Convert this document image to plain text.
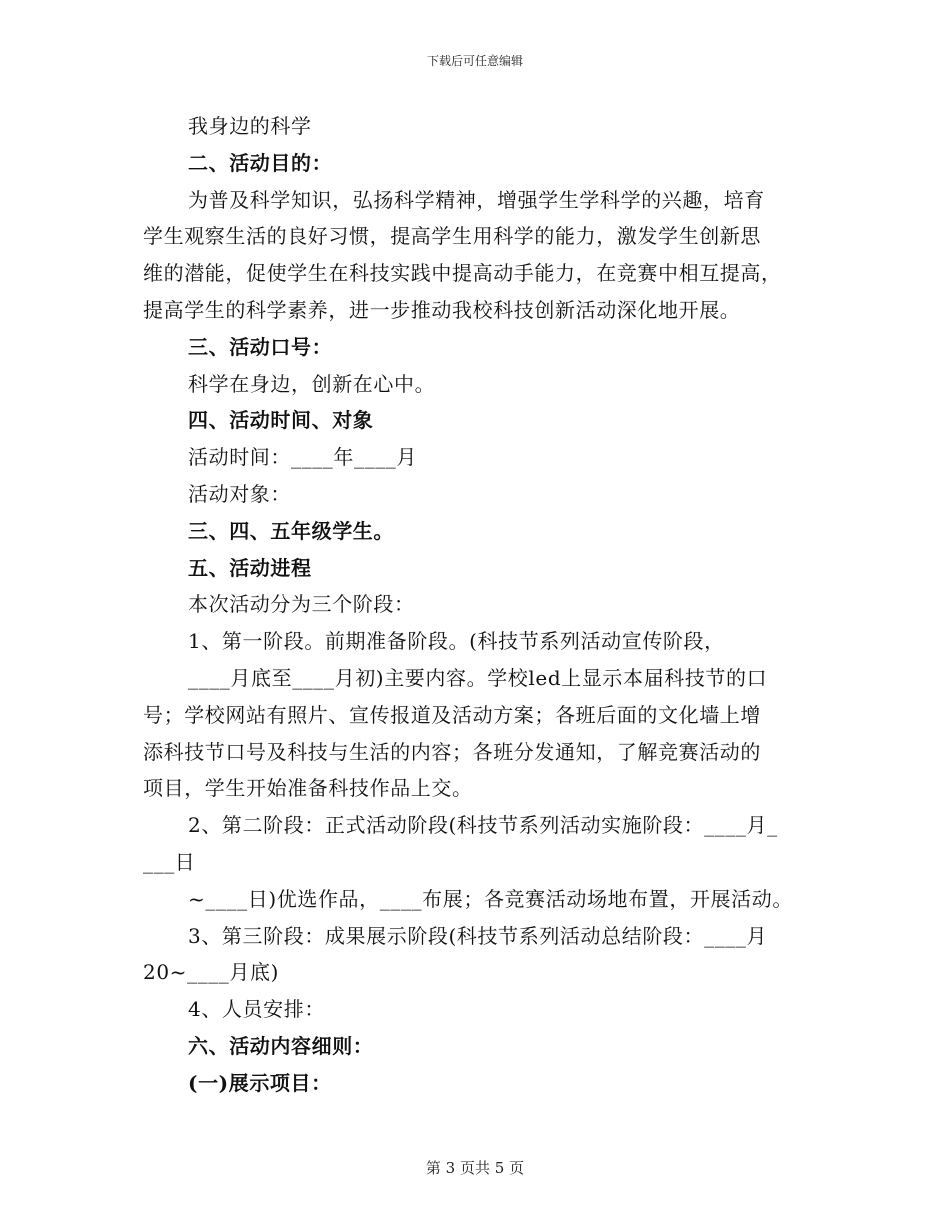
下载后可任意编辑
我身边的科学
二、活动目的：
为普及科学知识，弘扬科学精神，增强学生学科学的兴趣，培育
学生观察生活的良好习惯，提高学生用科学的能力，激发学生创新思
维的潜能，促使学生在科技实践中提高动手能力，在竞赛中相互提高，
提高学生的科学素养，进一步推动我校科技创新活动深化地开展。
三、活动口号：
科学在身边，创新在心中。
四、活动时间、对象
活动时间：____年____月
活动对象：
三、四、五年级学生。
五、活动进程
本次活动分为三个阶段：
1、第一阶段。前期准备阶段。(科技节系列活动宣传阶段，
____月底至____月初)主要内容。学校led上显示本届科技节的口
号；学校网站有照片、宣传报道及活动方案；各班后面的文化墙上增
添科技节口号及科技与生活的内容；各班分发通知，了解竞赛活动的
项目，学生开始准备科技作品上交。
2、第二阶段：正式活动阶段(科技节系列活动实施阶段：____月_
___日
~____日)优选作品，____布展；各竞赛活动场地布置，开展活动。
3、第三阶段：成果展示阶段(科技节系列活动总结阶段：____月
20~____月底)
4、人员安排：
六、活动内容细则：
(一)展示项目：
第 3 页共 5 页
